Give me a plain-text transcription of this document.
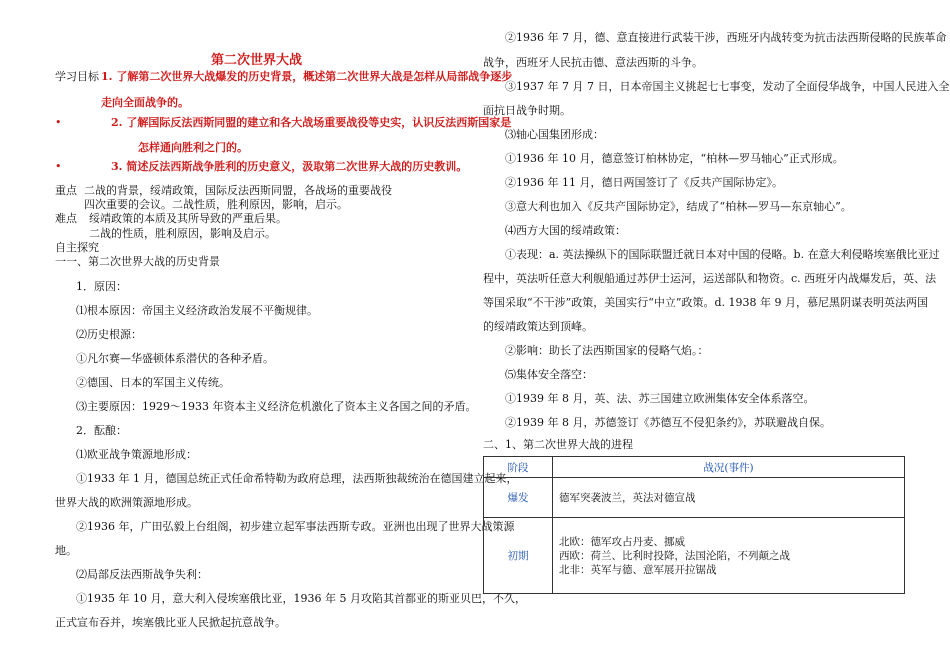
第二次世界大战
学习目标 1. 了解第二次世界大战爆发的历史背景，概述第二次世界大战是怎样从局部战争逐步
走向全面战争的。
•	2. 了解国际反法西斯同盟的建立和各大战场重要战役等史实，认识反法西斯国家是
怎样通向胜利之门的。
•	3. 简述反法西斯战争胜利的历史意义，汲取第二次世界大战的历史教训。
重点 二战的背景，绥靖政策，国际反法西斯同盟，各战场的重要战役
四次重要的会议。二战性质，胜利原因，影响，启示。
难点 绥靖政策的本质及其所导致的严重后果。
二战的性质，胜利原因，影响及启示。
自主探究
一一、第二次世界大战的历史背景
1．原因：
⑴根本原因：帝国主义经济政治发展不平衡规律。
⑵历史根源：
①凡尔赛—华盛顿体系潜伏的各种矛盾。
②德国、日本的军国主义传统。
⑶主要原因：1929～1933 年资本主义经济危机激化了资本主义各国之间的矛盾。
2．酝酿：
⑴欧亚战争策源地形成：
①1933 年 1 月，德国总统正式任命希特勒为政府总理，法西斯独裁统治在德国建立起来，
世界大战的欧洲策源地形成。
②1936 年，广田弘毅上台组阁，初步建立起军事法西斯专政。亚洲也出现了世界大战策源
地。
⑵局部反法西斯战争失利：
①1935 年 10 月，意大利入侵埃塞俄比亚，1936 年 5 月攻陷其首都亚的斯亚贝巴，不久，
正式宣布吞并，埃塞俄比亚人民掀起抗意战争。
②1936 年 7 月，德、意直接进行武装干涉，西班牙内战转变为抗击法西斯侵略的民族革命
战争，西班牙人民抗击德、意法西斯的斗争。
③1937 年 7 月 7 日，日本帝国主义挑起七七事变，发动了全面侵华战争，中国人民进入全
面抗日战争时期。
⑶轴心国集团形成：
①1936 年 10 月，德意签订柏林协定，“柏林—罗马轴心”正式形成。
②1936 年 11 月，德日两国签订了《反共产国际协定》。
③意大利也加入《反共产国际协定》，结成了“柏林—罗马—东京轴心”。
⑷西方大国的绥靖政策：
①表现：a. 英法操纵下的国际联盟迁就日本对中国的侵略。b. 在意大利侵略埃塞俄比亚过
程中，英法听任意大利舰船通过苏伊士运河，运送部队和物资。c. 西班牙内战爆发后，英、法
等国采取“不干涉”政策，美国实行“中立”政策。d. 1938 年 9 月，慕尼黑阴谋表明英法两国
的绥靖政策达到顶峰。
②影响：助长了法西斯国家的侵略气焰。：
⑸集体安全落空：
①1939 年 8 月，英、法、苏三国建立欧洲集体安全体系落空。
②1939 年 8 月，苏德签订《苏德互不侵犯条约》，苏联避战自保。
二、1、第二次世界大战的进程
阶段	战况(事件)
爆发	德军突袭波兰，英法对德宣战

初期	北欧：德军攻占丹麦、挪威
西欧：荷兰、比利时投降，法国沦陷，不列颠之战
北非：英军与德、意军展开拉锯战
